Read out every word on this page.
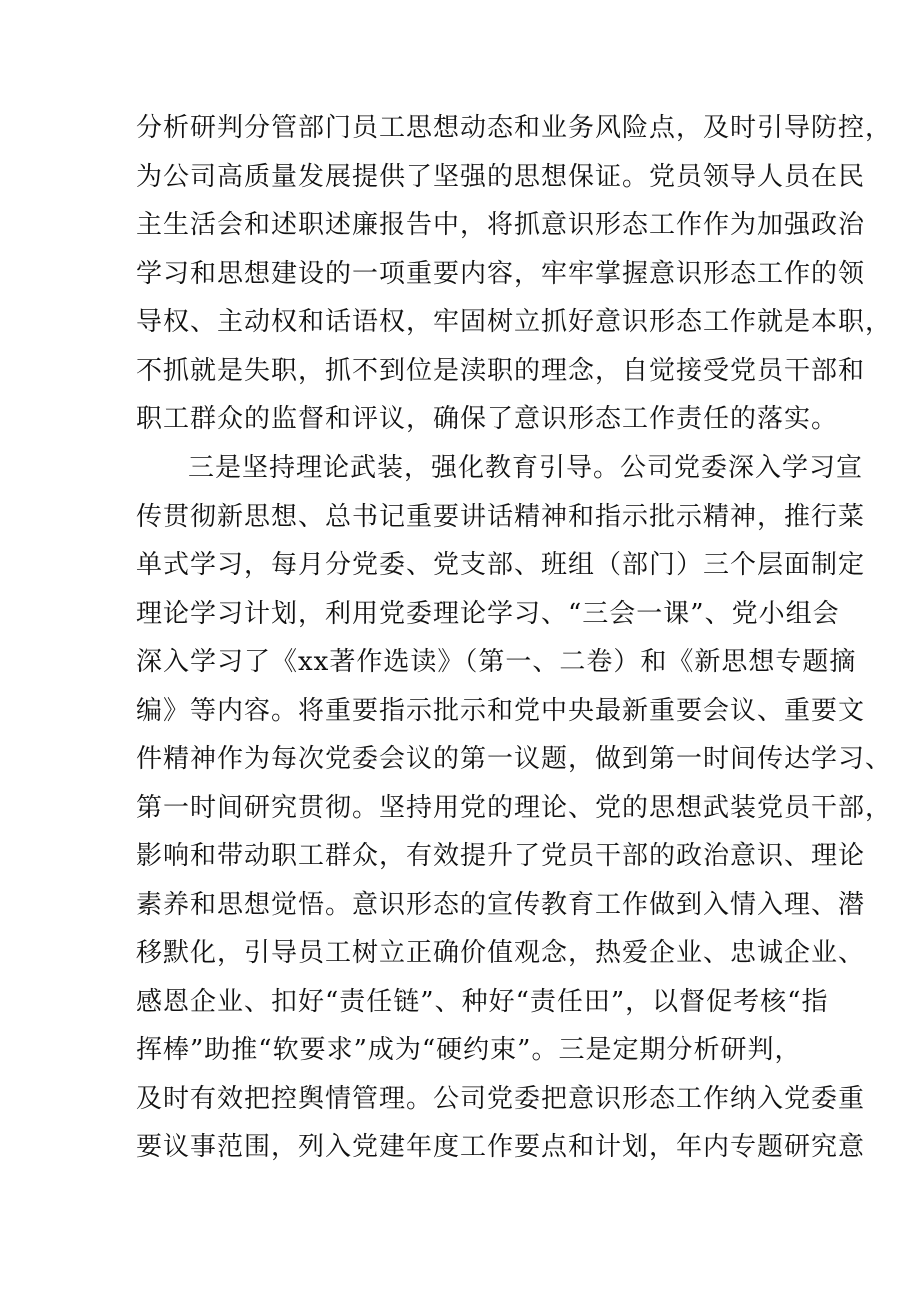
分析研判分管部门员工思想动态和业务风险点，及时引导防控，
为公司高质量发展提供了坚强的思想保证。党员领导人员在民
主生活会和述职述廉报告中，将抓意识形态工作作为加强政治
学习和思想建设的一项重要内容，牢牢掌握意识形态工作的领
导权、主动权和话语权，牢固树立抓好意识形态工作就是本职，
不抓就是失职，抓不到位是渎职的理念，自觉接受党员干部和
职工群众的监督和评议，确保了意识形态工作责任的落实。
三是坚持理论武装，强化教育引导。公司党委深入学习宣
传贯彻新思想、总书记重要讲话精神和指示批示精神，推行菜
单式学习，每月分党委、党支部、班组（部门）三个层面制定
理论学习计划，利用党委理论学习、“三会一课”、党小组会
深入学习了《xx著作选读》（第一、二卷）和《新思想专题摘
编》等内容。将重要指示批示和党中央最新重要会议、重要文
件精神作为每次党委会议的第一议题，做到第一时间传达学习、
第一时间研究贯彻。坚持用党的理论、党的思想武装党员干部，
影响和带动职工群众，有效提升了党员干部的政治意识、理论
素养和思想觉悟。意识形态的宣传教育工作做到入情入理、潜
移默化，引导员工树立正确价值观念，热爱企业、忠诚企业、
感恩企业、扣好“责任链”、种好“责任田”，以督促考核“指
挥棒”助推“软要求”成为“硬约束”。三是定期分析研判，
及时有效把控舆情管理。公司党委把意识形态工作纳入党委重
要议事范围，列入党建年度工作要点和计划，年内专题研究意
